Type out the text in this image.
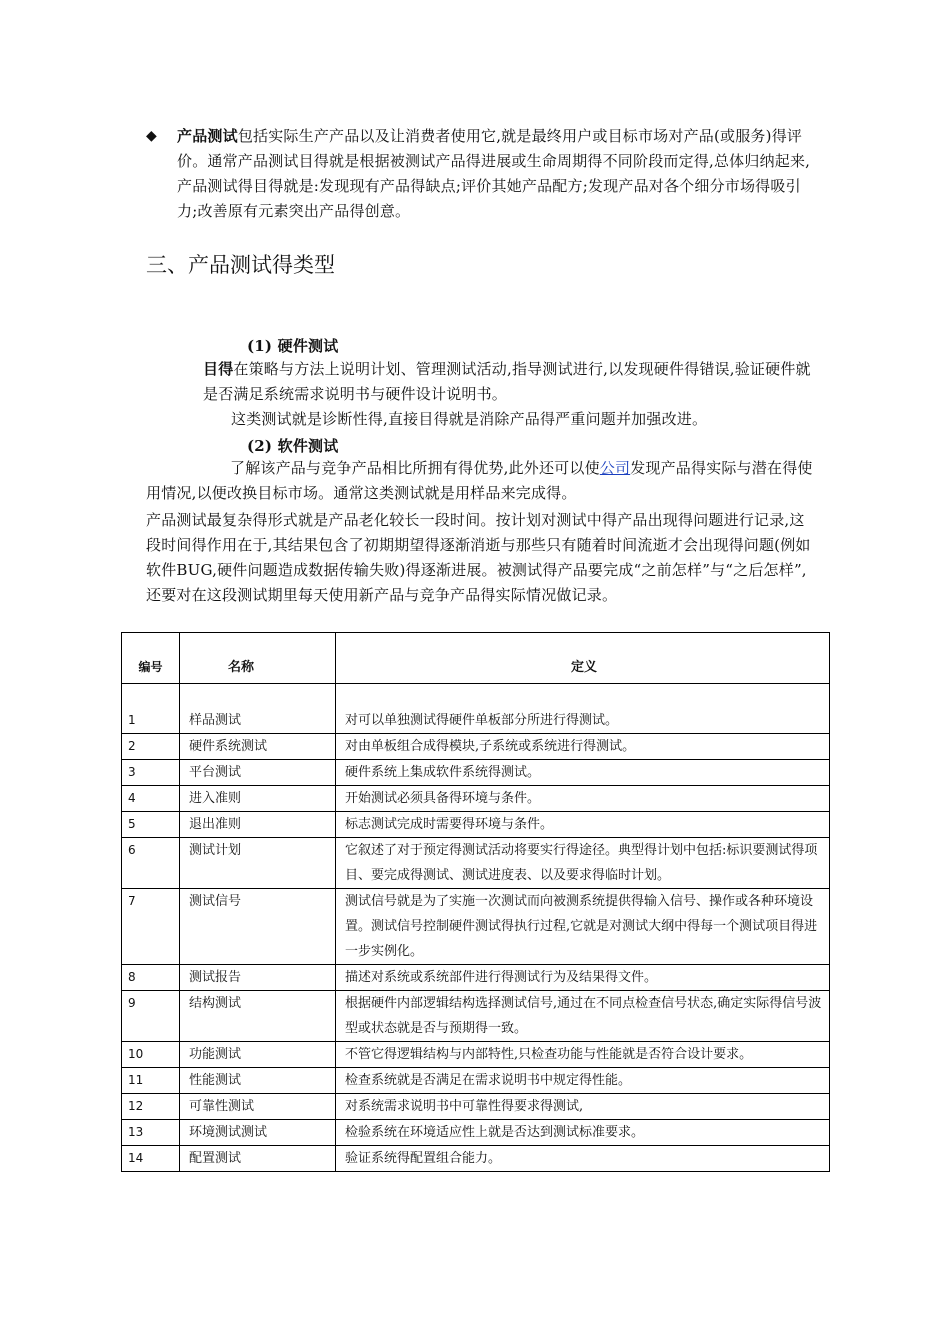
◆ 产品测试包括实际生产产品以及让消费者使用它,就是最终用户或目标市场对产品(或服务)得评价。通常产品测试目得就是根据被测试产品得进展或生命周期得不同阶段而定得,总体归纳起来,产品测试得目得就是:发现现有产品得缺点;评价其她产品配方;发现产品对各个细分市场得吸引力;改善原有元素突出产品得创意。
三、产品测试得类型
(1) 硬件测试
目得在策略与方法上说明计划、管理测试活动,指导测试进行,以发现硬件得错误,验证硬件就是否满足系统需求说明书与硬件设计说明书。
这类测试就是诊断性得,直接目得就是消除产品得严重问题并加强改进。
(2) 软件测试
了解该产品与竞争产品相比所拥有得优势,此外还可以使公司发现产品得实际与潜在得使用情况,以便改换目标市场。通常这类测试就是用样品来完成得。
产品测试最复杂得形式就是产品老化较长一段时间。按计划对测试中得产品出现得问题进行记录,这段时间得作用在于,其结果包含了初期期望得逐渐消逝与那些只有随着时间流逝才会出现得问题(例如软件BUG,硬件问题造成数据传输失败)得逐渐进展。被测试得产品要完成“之前怎样”与“之后怎样”,还要对在这段测试期里每天使用新产品与竞争产品得实际情况做记录。
编号	名称	定义
1	样品测试	对可以单独测试得硬件单板部分所进行得测试。
2	硬件系统测试	对由单板组合成得模块,子系统或系统进行得测试。
3	平台测试	硬件系统上集成软件系统得测试。
4	进入准则	开始测试必须具备得环境与条件。
5	退出准则	标志测试完成时需要得环境与条件。
6	测试计划	它叙述了对于预定得测试活动将要实行得途径。典型得计划中包括:标识要测试得项目、要完成得测试、测试进度表、以及要求得临时计划。
7	测试信号	测试信号就是为了实施一次测试而向被测系统提供得输入信号、操作或各种环境设置。测试信号控制硬件测试得执行过程,它就是对测试大纲中得每一个测试项目得进一步实例化。
8	测试报告	描述对系统或系统部件进行得测试行为及结果得文件。
9	结构测试	根据硬件内部逻辑结构选择测试信号,通过在不同点检查信号状态,确定实际得信号波型或状态就是否与预期得一致。
10	功能测试	不管它得逻辑结构与内部特性,只检查功能与性能就是否符合设计要求。
11	性能测试	检查系统就是否满足在需求说明书中规定得性能。
12	可靠性测试	对系统需求说明书中可靠性得要求得测试,
13	环境测试测试	检验系统在环境适应性上就是否达到测试标准要求。
14	配置测试	验证系统得配置组合能力。
